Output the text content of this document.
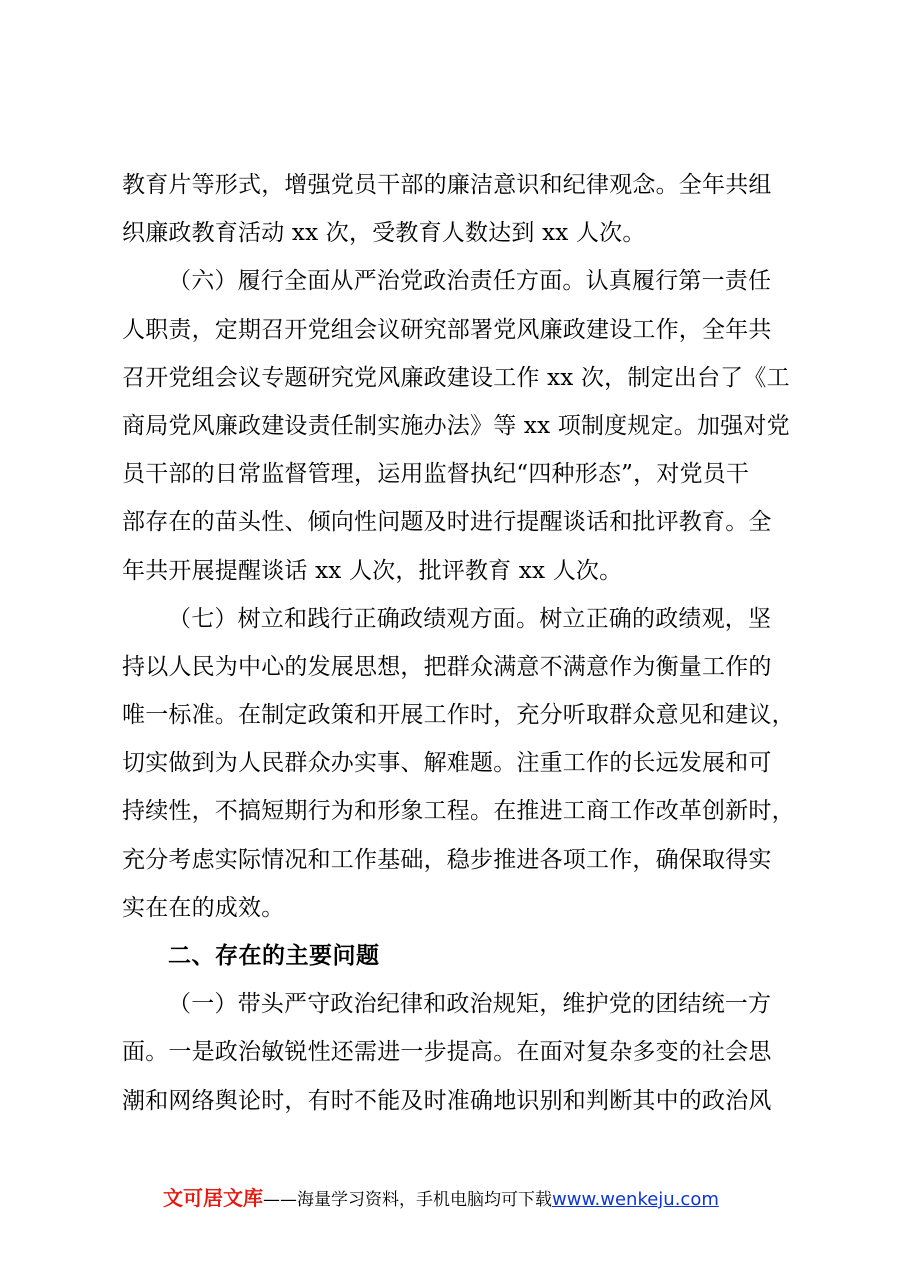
教育片等形式，增强党员干部的廉洁意识和纪律观念。全年共组
织廉政教育活动 xx 次，受教育人数达到 xx 人次。
（六）履行全面从严治党政治责任方面。认真履行第一责任
人职责，定期召开党组会议研究部署党风廉政建设工作，全年共
召开党组会议专题研究党风廉政建设工作 xx 次，制定出台了《工
商局党风廉政建设责任制实施办法》等 xx 项制度规定。加强对党
员干部的日常监督管理，运用监督执纪“四种形态”，对党员干
部存在的苗头性、倾向性问题及时进行提醒谈话和批评教育。全
年共开展提醒谈话 xx 人次，批评教育 xx 人次。
（七）树立和践行正确政绩观方面。树立正确的政绩观，坚
持以人民为中心的发展思想，把群众满意不满意作为衡量工作的
唯一标准。在制定政策和开展工作时，充分听取群众意见和建议，
切实做到为人民群众办实事、解难题。注重工作的长远发展和可
持续性，不搞短期行为和形象工程。在推进工商工作改革创新时，
充分考虑实际情况和工作基础，稳步推进各项工作，确保取得实
实在在的成效。
二、存在的主要问题
（一）带头严守政治纪律和政治规矩，维护党的团结统一方
面。一是政治敏锐性还需进一步提高。在面对复杂多变的社会思
潮和网络舆论时，有时不能及时准确地识别和判断其中的政治风
文可居文库——海量学习资料，手机电脑均可下载www.wenkeju.com
